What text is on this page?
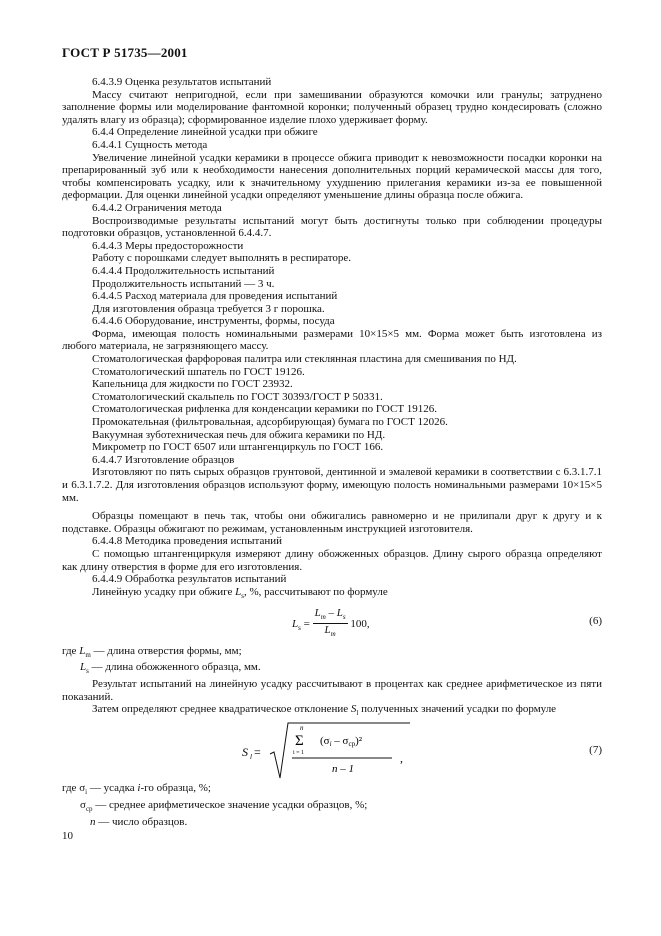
ГОСТ Р 51735—2001
6.4.3.9 Оценка результатов испытаний
Массу считают непригодной, если при замешивании образуются комочки или гранулы; затрудненo заполнение формы или моделирование фантомной коронки; полученный образец трудно кондесировать (сложно удалять влагу из образца); сформированное изделие плохо удерживает форму.
6.4.4 Определение линейной усадки при обжиге
6.4.4.1 Сущность метода
Увеличение линейной усадки керамики в процессе обжига приводит к невозможности посадки коронки на препарированный зуб или к необходимости нанесения дополнительных порций керамической массы для того, чтобы компенсировать усадку, или к значительному ухудшению прилегания керамики из-за ее повышенной деформации. Для оценки линейной усадки определяют уменьшение длины образца после обжига.
6.4.4.2 Ограничения метода
Воспроизводимые результаты испытаний могут быть достигнуты только при соблюдении процедуры подготовки образцов, установленной 6.4.4.7.
6.4.4.3 Меры предосторожности
Работу с порошками следует выполнять в респираторе.
6.4.4.4 Продолжительность испытаний
Продолжительность испытаний — 3 ч.
6.4.4.5 Расход материала для проведения испытаний
Для изготовления образца требуется 3 г порошка.
6.4.4.6 Оборудование, инструменты, формы, посуда
Форма, имеющая полость номинальными размерами 10×15×5 мм. Форма может быть изготовлена из любого материала, не загрязняющего массу.
Стоматологическая фарфоровая палитра или стеклянная пластина для смешивания по НД.
Стоматологический шпатель по ГОСТ 19126.
Капельница для жидкости по ГОСТ 23932.
Стоматологический скальпель по ГОСТ 30393/ГОСТ Р 50331.
Стоматологическая рифленка для конденсации керамики по ГОСТ 19126.
Промокательная (фильтровальная, адсорбирующая) бумага по ГОСТ 12026.
Вакуумная зуботехническая печь для обжига керамики по НД.
Микрометр по ГОСТ 6507 или штангенциркуль по ГОСТ 166.
6.4.4.7 Изготовление образцов
Изготовляют по пять сырых образцов грунтовой, дентинной и эмалевой керамики в соответствии с 6.3.1.7.1 и 6.3.1.7.2. Для изготовления образцов используют форму, имеющую полость номинальными размерами 10×15×5 мм.
Образцы помещают в печь так, чтобы они обжигались равномерно и не прилипали друг к другу и к подставке. Образцы обжигают по режимам, установленным инструкцией изготовителя.
6.4.4.8 Методика проведения испытаний
С помощью штангенциркуля измеряют длину обожженных образцов. Длину сырого образца определяют как длину отверстия в форме для его изготовления.
6.4.4.9 Обработка результатов испытаний
Линейную усадку при обжиге $L_s$, %, рассчитывают по формуле
$L_s = \frac{L_m - L_s}{L_m} 100$,	(6)
где $L_m$ — длина отверстия формы, мм;
$L_s$ — длина обожженного образца, мм.
Результат испытаний на линейную усадку рассчитывают в процентах как среднее арифметическое из пяти показаний.
Затем определяют среднее квадратическое отклонение $S_l$ полученных значений усадки по формуле
S l =
n
Σ
i = 1
(σi – σср)²
n – 1
,
(7)
где $\sigma_i$ — усадка i-го образца, %;
$\sigma_{ср}$ — среднее арифметическое значение усадки образцов, %;
n — число образцов.
10
